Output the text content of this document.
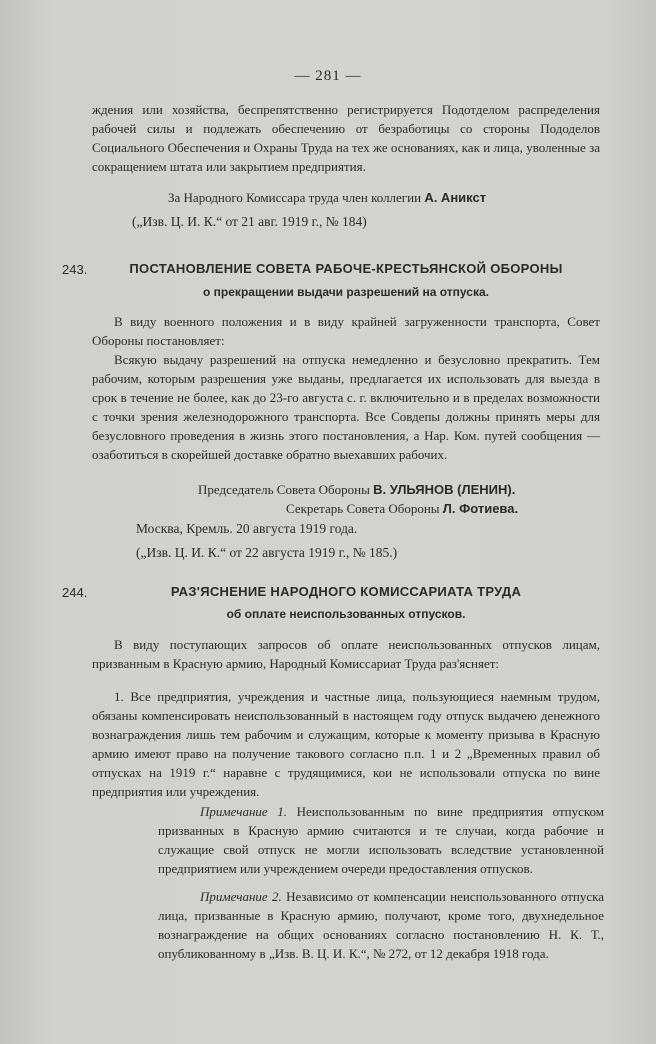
— 281 —
ждения или хозяйства, беспрепятственно регистрируется Подотделом распределения рабочей силы и подлежать обеспечению от безработицы со стороны Пододелов Социального Обеспечения и Охраны Труда на тех же основаниях, как и лица, уволенные за сокращением штата или закрытием предприятия.
За Народного Комиссара труда член коллегии А. Аникст
(„Изв. Ц. И. К.“ от 21 авг. 1919 г., № 184)
243.	ПОСТАНОВЛЕНИЕ СОВЕТА РАБОЧЕ-КРЕСТЬЯНСКОЙ ОБОРОНЫ
о прекращении выдачи разрешений на отпуска.
В виду военного положения и в виду крайней загруженности транспорта, Совет Обороны постановляет:
Всякую выдачу разрешений на отпуска немедленно и безусловно прекратить. Тем рабочим, которым разрешения уже выданы, предлагается их использовать для выезда в срок в течение не более, как до 23-го августа с. г. включительно и в пределах возможности с точки зрения железнодорожного транспорта. Все Совдепы должны принять меры для безусловного проведения в жизнь этого постановления, а Нар. Ком. путей сообщения — озаботиться в скорейшей доставке обратно выехавших рабочих.
Председатель Совета Обороны В. УЛЬЯНОВ (ЛЕНИН).
Секретарь Совета Обороны Л. Фотиева.
Москва, Кремль. 20 августа 1919 года.
(„Изв. Ц. И. К.“ от 22 августа 1919 г., № 185.)
244.	РАЗ'ЯСНЕНИЕ НАРОДНОГО КОМИССАРИАТА ТРУДА
об оплате неиспользованных отпусков.
В виду поступающих запросов об оплате неиспользованных отпусков лицам, призванным в Красную армию, Народный Комиссариат Труда раз'ясняет:
1. Все предприятия, учреждения и частные лица, пользующиеся наемным трудом, обязаны компенсировать неиспользованный в настоящем году отпуск выдачею денежного вознаграждения лишь тем рабочим и служащим, которые к моменту призыва в Красную армию имеют право на получение таковогo согласно п.п. 1 и 2 „Временных правил об отпусках на 1919 г.“ наравне с трудящимися, кои не использовали отпуска по вине предприятия или учреждения.
Примечание 1. Неиспользованным по вине предприятия отпуском призванных в Красную армию считаются и те случаи, когда рабочие и служащие свой отпуск не могли использовать вследствие установленной предприятием или учреждением очереди предоставления отпусков.
Примечание 2. Независимо от компенсации неиспользованного отпуска лица, призванные в Красную армию, получают, кроме того, двухнедельное вознаграждение на общих основаниях согласно постановлению Н. К. Т., опубликованному в „Изв. В. Ц. И. К.“, № 272, от 12 декабря 1918 года.
